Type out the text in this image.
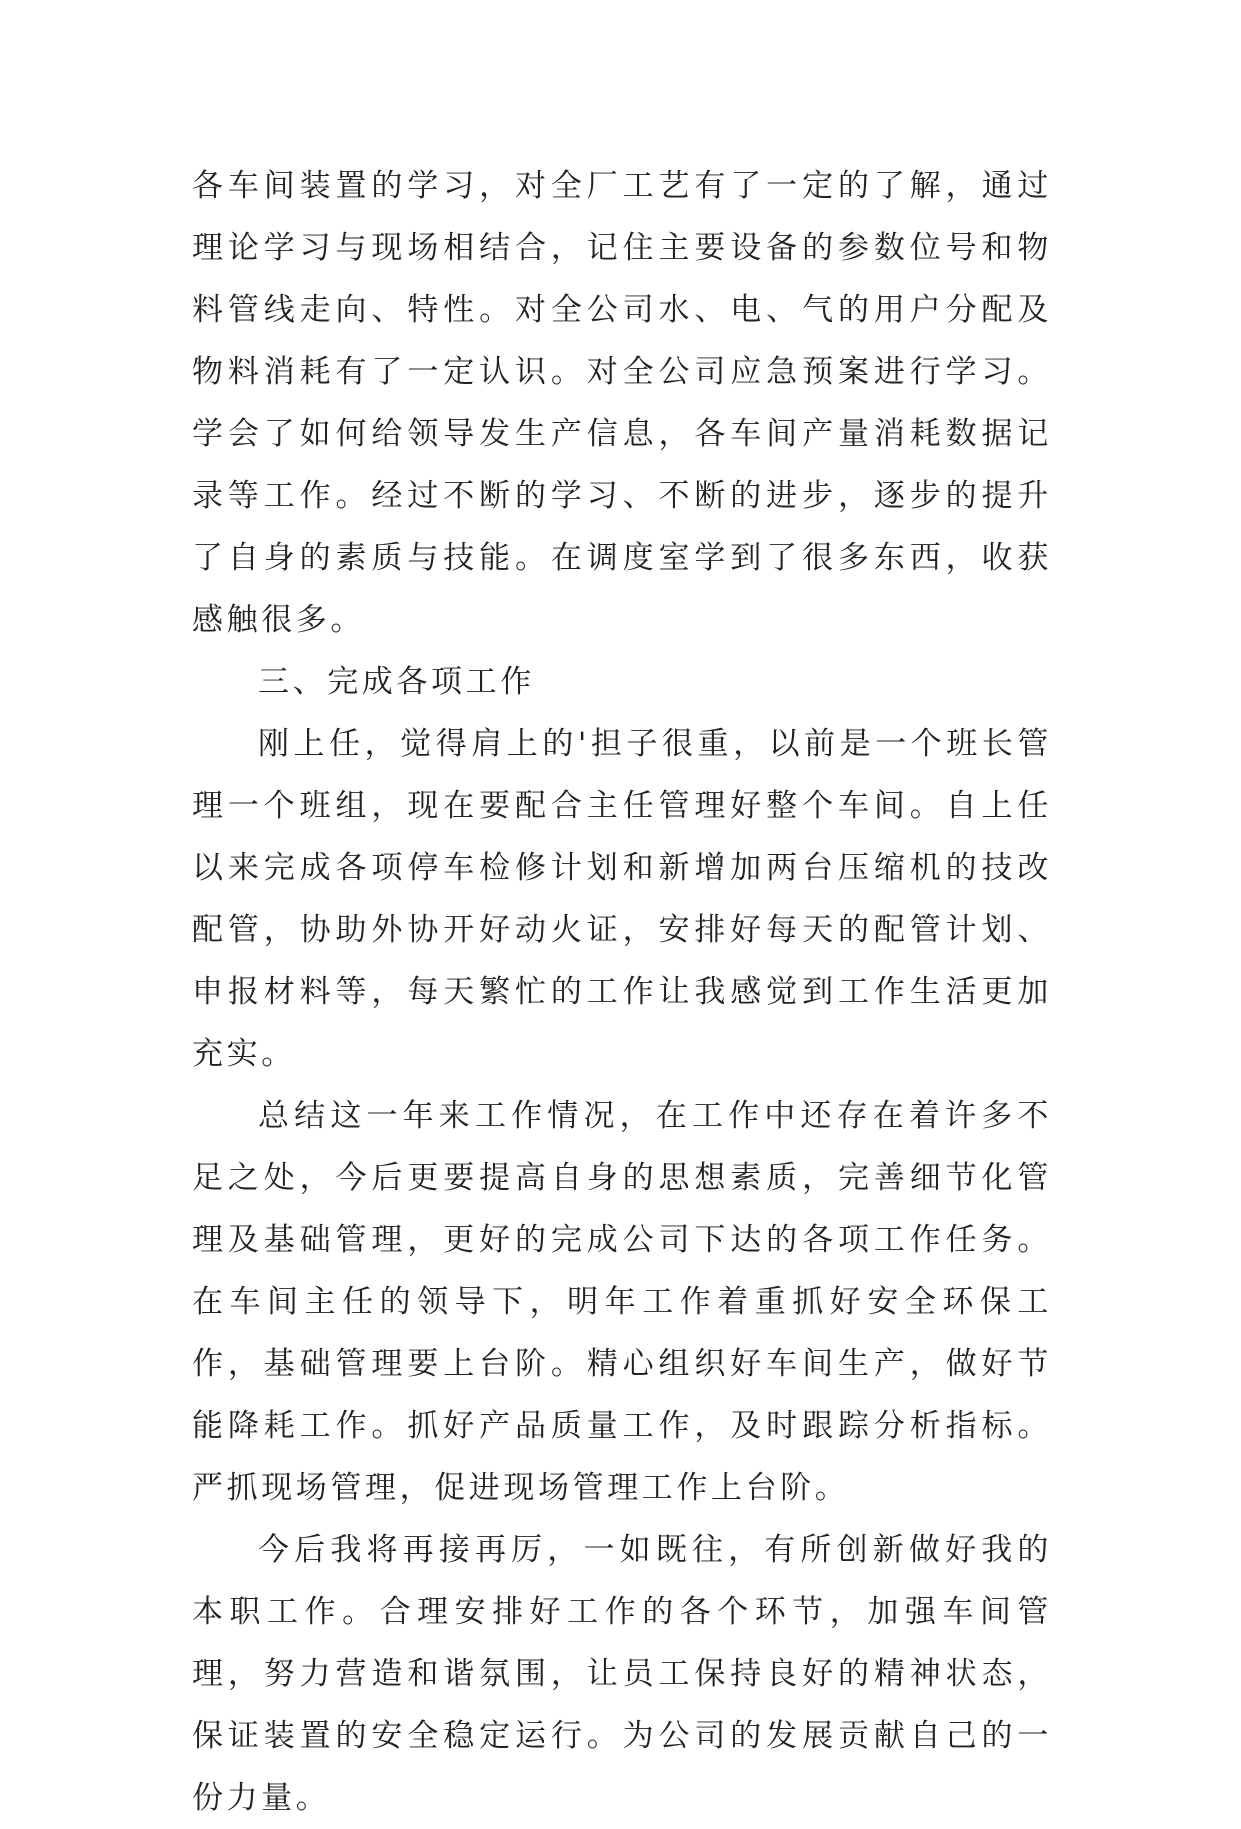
各车间装置的学习，对全厂工艺有了一定的了解，通过理论学习与现场相结合，记住主要设备的参数位号和物料管线走向、特性。对全公司水、电、气的用户分配及物料消耗有了一定认识。对全公司应急预案进行学习。学会了如何给领导发生产信息，各车间产量消耗数据记录等工作。经过不断的学习、不断的进步，逐步的提升了自身的素质与技能。在调度室学到了很多东西，收获感触很多。

三、完成各项工作

刚上任，觉得肩上的'担子很重，以前是一个班长管理一个班组，现在要配合主任管理好整个车间。自上任以来完成各项停车检修计划和新增加两台压缩机的技改配管，协助外协开好动火证，安排好每天的配管计划、申报材料等，每天繁忙的工作让我感觉到工作生活更加充实。

总结这一年来工作情况，在工作中还存在着许多不足之处，今后更要提高自身的思想素质，完善细节化管理及基础管理，更好的完成公司下达的各项工作任务。在车间主任的领导下，明年工作着重抓好安全环保工作，基础管理要上台阶。精心组织好车间生产，做好节能降耗工作。抓好产品质量工作，及时跟踪分析指标。严抓现场管理，促进现场管理工作上台阶。

今后我将再接再厉，一如既往，有所创新做好我的本职工作。合理安排好工作的各个环节，加强车间管理，努力营造和谐氛围，让员工保持良好的精神状态，保证装置的安全稳定运行。为公司的发展贡献自己的一份力量。
